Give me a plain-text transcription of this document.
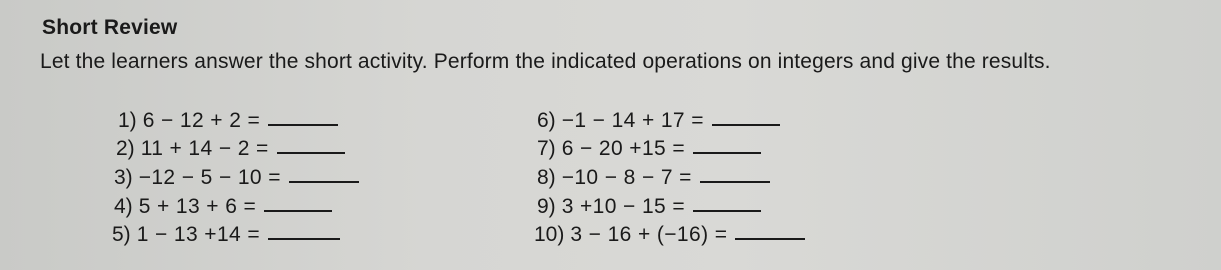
Short Review
Let the learners answer the short activity. Perform the indicated operations on integers and give the results.
1) 6 − 12 + 2 =
2) 11 + 14 − 2 =
3) −12 − 5 − 10 =
4) 5 + 13 + 6 =
5) 1 − 13 +14 =
6) −1 − 14 + 17 =
7) 6 − 20 +15 =
8) −10 − 8 − 7 =
9) 3 +10 − 15 =
10) 3 − 16 + (−16) =
